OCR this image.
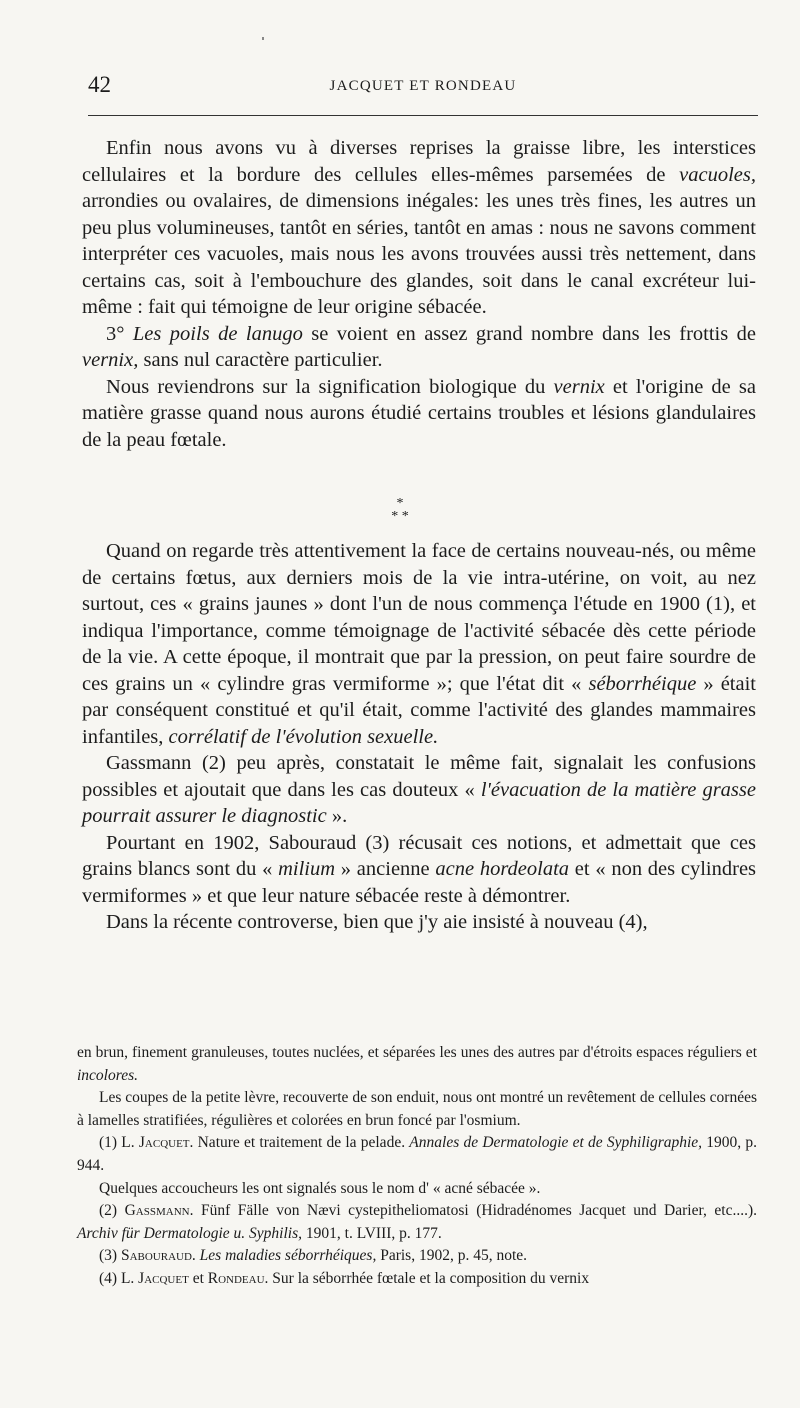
42	JACQUET ET RONDEAU

Enfin nous avons vu à diverses reprises la graisse libre, les interstices cellulaires et la bordure des cellules elles-mêmes parsemées de vacuoles, arrondies ou ovalaires, de dimensions inégales: les unes très fines, les autres un peu plus volumineuses, tantôt en séries, tantôt en amas : nous ne savons comment interpréter ces vacuoles, mais nous les avons trouvées aussi très nettement, dans certains cas, soit à l'embouchure des glandes, soit dans le canal excréteur lui-même : fait qui témoigne de leur origine sébacée.

3° Les poils de lanugo se voient en assez grand nombre dans les frottis de vernix, sans nul caractère particulier.

Nous reviendrons sur la signification biologique du vernix et l'origine de sa matière grasse quand nous aurons étudié certains troubles et lésions glandulaires de la peau fœtale.

*
* *

Quand on regarde très attentivement la face de certains nouveau-nés, ou même de certains fœtus, aux derniers mois de la vie intra-utérine, on voit, au nez surtout, ces « grains jaunes » dont l'un de nous commença l'étude en 1900 (1), et indiqua l'importance, comme témoignage de l'activité sébacée dès cette période de la vie. A cette époque, il montrait que par la pression, on peut faire sourdre de ces grains un « cylindre gras vermiforme »; que l'état dit « séborrhéique » était par conséquent constitué et qu'il était, comme l'activité des glandes mammaires infantiles, corrélatif de l'évolution sexuelle.

Gassmann (2) peu après, constatait le même fait, signalait les confusions possibles et ajoutait que dans les cas douteux « l'évacuation de la matière grasse pourrait assurer le diagnostic ».

Pourtant en 1902, Sabouraud (3) récusait ces notions, et admettait que ces grains blancs sont du « milium » ancienne acne hordeolata et « non des cylindres vermiformes » et que leur nature sébacée reste à démontrer.

Dans la récente controverse, bien que j'y aie insisté à nouveau (4),

en brun, finement granuleuses, toutes nuclées, et séparées les unes des autres par d'étroits espaces réguliers et incolores.

Les coupes de la petite lèvre, recouverte de son enduit, nous ont montré un revêtement de cellules cornées à lamelles stratifiées, régulières et colorées en brun foncé par l'osmium.

(1) L. Jacquet. Nature et traitement de la pelade. Annales de Dermatologie et de Syphiligraphie, 1900, p. 944.

Quelques accoucheurs les ont signalés sous le nom d' « acné sébacée ».

(2) Gassmann. Fünf Fälle von Nævi cystepitheliomatosi (Hidradénomes Jacquet und Darier, etc....). Archiv für Dermatologie u. Syphilis, 1901, t. LVIII, p. 177.

(3) Sabouraud. Les maladies séborrhéiques, Paris, 1902, p. 45, note.

(4) L. Jacquet et Rondeau. Sur la séborrhée fœtale et la composition du vernix
